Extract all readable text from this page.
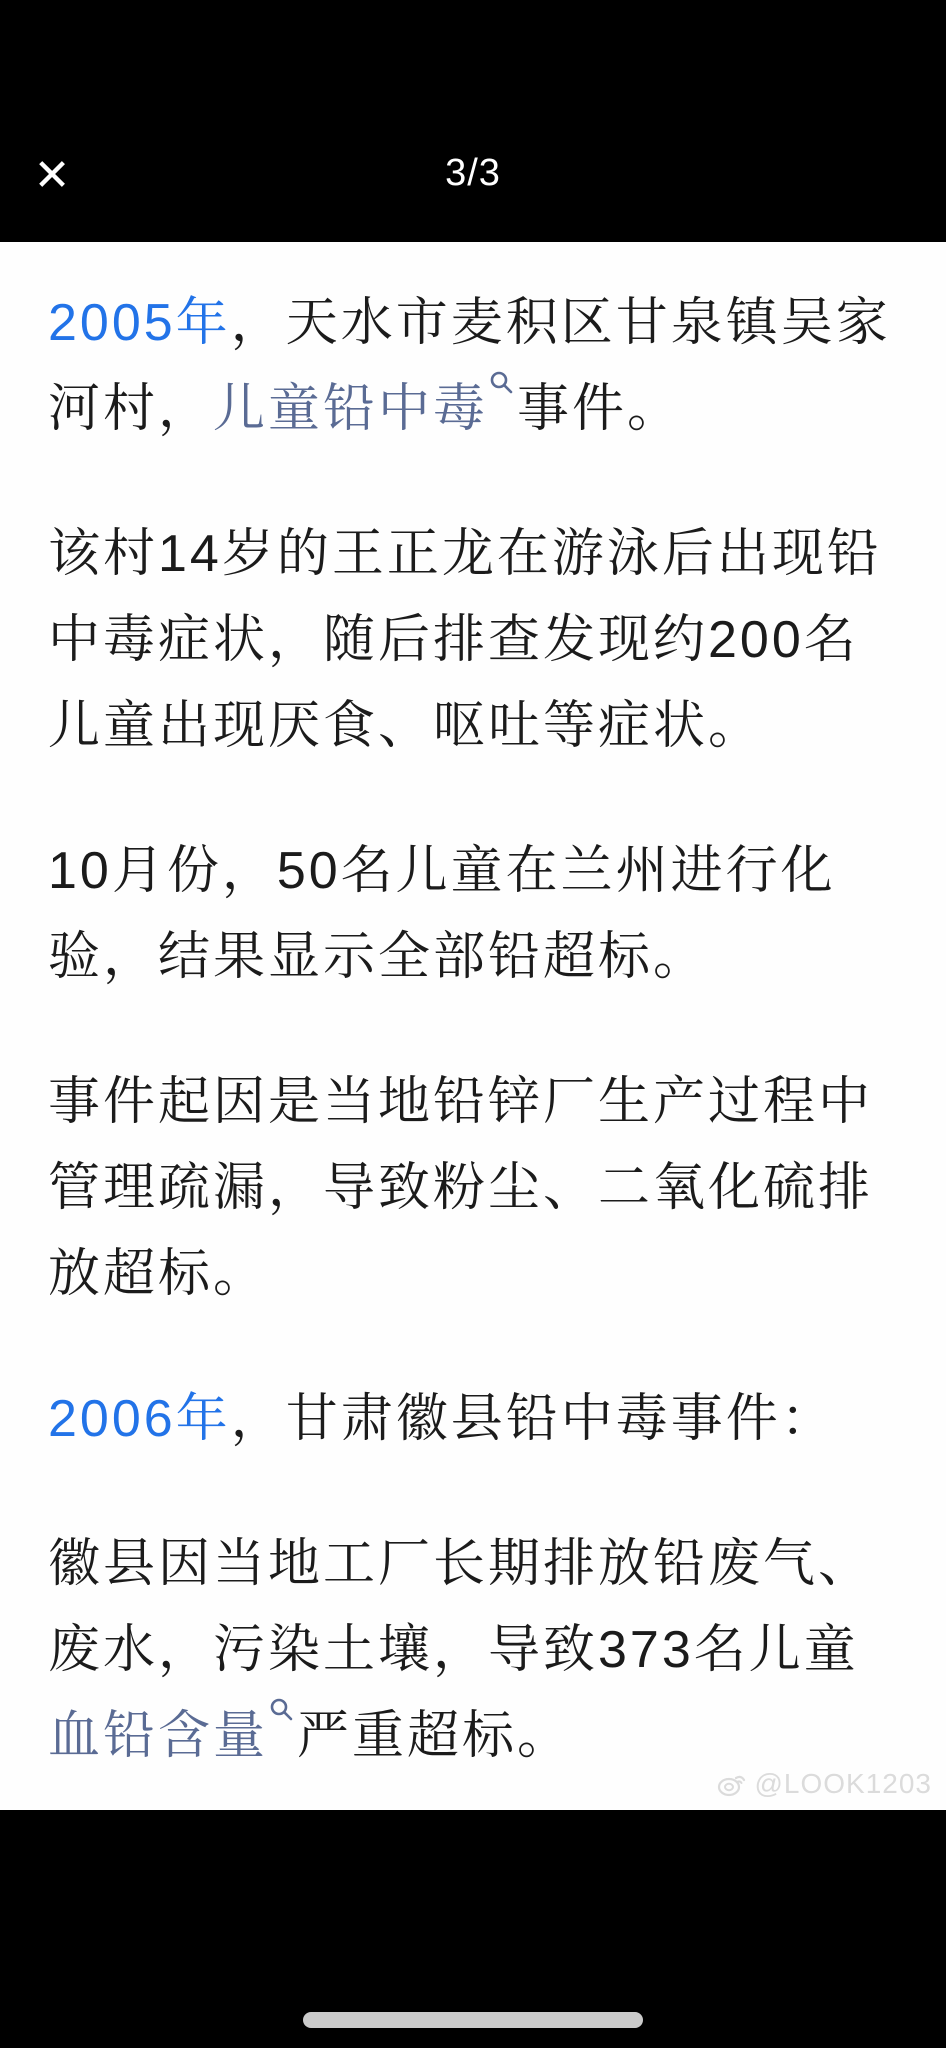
✕	3/3

2005年，天水市麦积区甘泉镇吴家河村，儿童铅中毒 事件。

该村14岁的王正龙在游泳后出现铅中毒症状，随后排查发现约200名儿童出现厌食、呕吐等症状。

10月份，50名儿童在兰州进行化验，结果显示全部铅超标。

事件起因是当地铅锌厂生产过程中管理疏漏，导致粉尘、二氧化硫排放超标。

2006年，甘肃徽县铅中毒事件：

徽县因当地工厂长期排放铅废气、废水，污染土壤，导致373名儿童血铅含量 严重超标。

@LOOK1203
